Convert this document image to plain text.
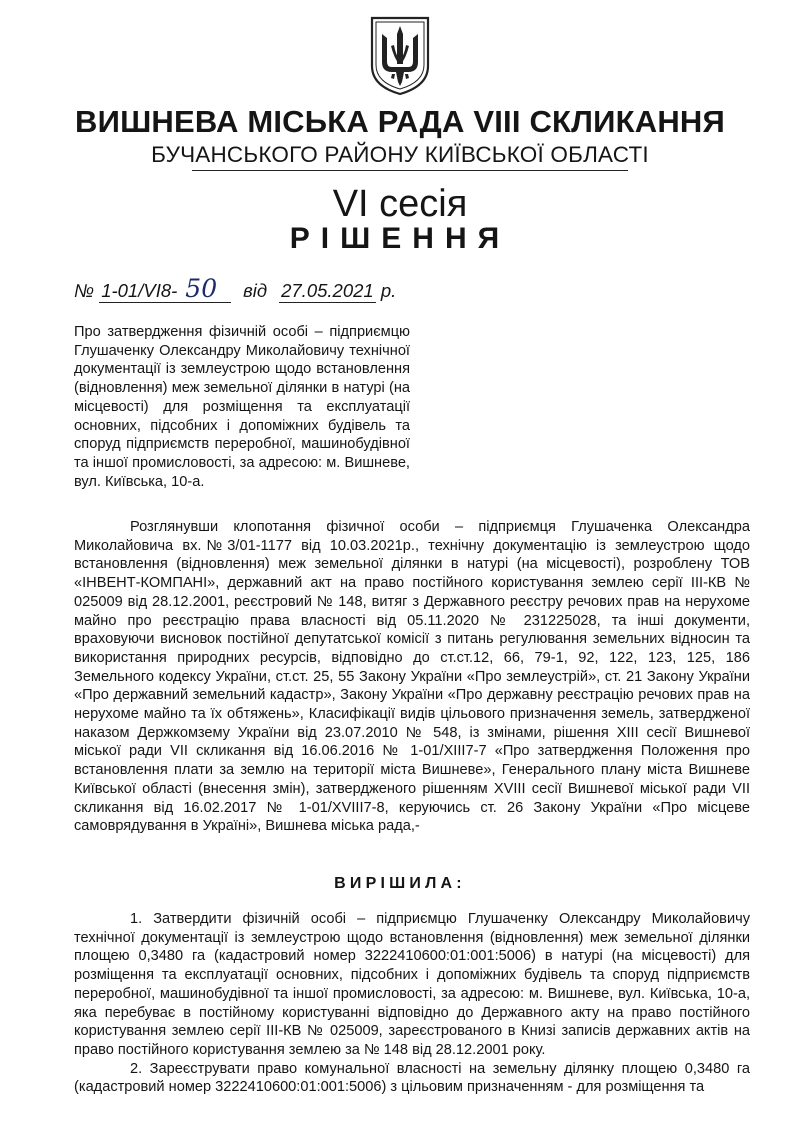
ВИШНЕВА МІСЬКА РАДА VIII СКЛИКАННЯ
БУЧАНСЬКОГО РАЙОНУ КИЇВСЬКОЇ ОБЛАСТІ
VI сесія
РІШЕННЯ
№ 1-01/VI8- 50 від 27.05.2021 р.
Про затвердження фізичній особі – підприємцю Глушаченку Олександру Миколайовичу технічної документації із землеустрою щодо встановлення (відновлення) меж земельної ділянки в натурі (на місцевості) для розміщення та експлуатації основних, підсобних і допоміжних будівель та споруд підприємств переробної, машинобудівної та іншої промисловості, за адресою: м. Вишневе, вул. Київська, 10-а.

Розглянувши клопотання фізичної особи – підприємця Глушаченка Олександра Миколайовича вх.№3/01-1177 від 10.03.2021р., технічну документацію із землеустрою щодо встановлення (відновлення) меж земельної ділянки в натурі (на місцевості), розроблену ТОВ «ІНВЕНТ-КОМПАНІ», державний акт на право постійного користування землею серії ІІІ-КВ № 025009 від 28.12.2001, реєстровий № 148, витяг з Державного реєстру речових прав на нерухоме майно про реєстрацію права власності від 05.11.2020 № 231225028, та інші документи, враховуючи висновок постійної депутатської комісії з питань регулювання земельних відносин та використання природних ресурсів, відповідно до ст.ст.12, 66, 79-1, 92, 122, 123, 125, 186 Земельного кодексу України, ст.ст. 25, 55 Закону України «Про землеустрій», ст. 21 Закону України «Про державний земельний кадастр», Закону України «Про державну реєстрацію речових прав на нерухоме майно та їх обтяжень», Класифікації видів цільового призначення земель, затвердженої наказом Держкомзему України від 23.07.2010 № 548, із змінами, рішення ХІІІ сесії Вишневої міської ради VII скликання від 16.06.2016 № 1-01/ХІІІ7-7 «Про затвердження Положення про встановлення плати за землю на території міста Вишневе», Генерального плану міста Вишневе Київської області (внесення змін), затвердженого рішенням ХVІІІ сесії Вишневої міської ради VІІ скликання від 16.02.2017 № 1-01/ХVІІІ7-8, керуючись ст. 26 Закону України «Про місцеве самоврядування в Україні», Вишнева міська рада,-

ВИРІШИЛА:

1. Затвердити фізичній особі – підприємцю Глушаченку Олександру Миколайовичу технічної документації із землеустрою щодо встановлення (відновлення) меж земельної ділянки площею 0,3480 га (кадастровий номер 3222410600:01:001:5006) в натурі (на місцевості) для розміщення та експлуатації основних, підсобних і допоміжних будівель та споруд підприємств переробної, машинобудівної та іншої промисловості, за адресою: м. Вишневе, вул. Київська, 10-а, яка перебуває в постійному користуванні відповідно до Державного акту на право постійного користування землею серії ІІІ-КВ № 025009, зареєстрованого в Книзі записів державних актів на право постійного користування землею за № 148 від 28.12.2001 року.

2. Зареєструвати право комунальної власності на земельну ділянку площею 0,3480 га (кадастровий номер 3222410600:01:001:5006) з цільовим призначенням - для розміщення та
